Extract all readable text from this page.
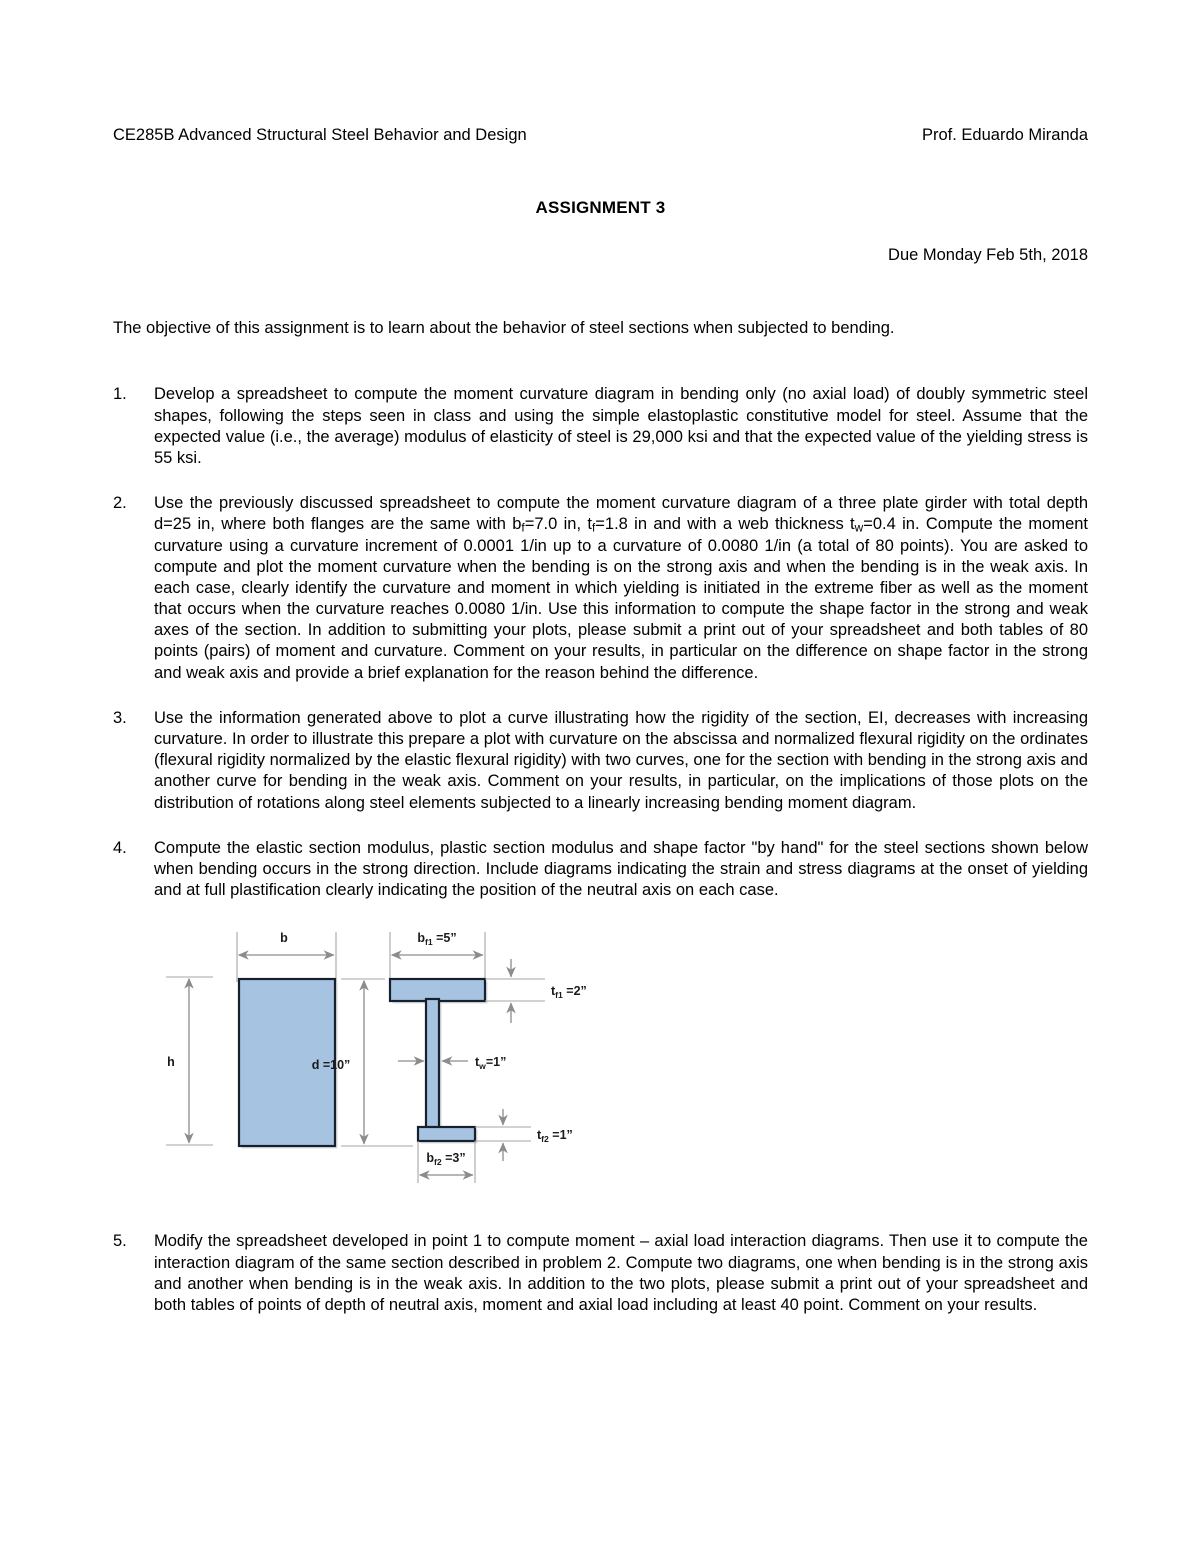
CE285B Advanced Structural Steel Behavior and Design	Prof. Eduardo Miranda
ASSIGNMENT 3
Due Monday Feb 5th, 2018
The objective of this assignment is to learn about the behavior of steel sections when subjected to bending.
1.	Develop a spreadsheet to compute the moment curvature diagram in bending only (no axial load) of doubly symmetric steel shapes, following the steps seen in class and using the simple elastoplastic constitutive model for steel. Assume that the expected value (i.e., the average) modulus of elasticity of steel is 29,000 ksi and that the expected value of the yielding stress is 55 ksi.

2.	Use the previously discussed spreadsheet to compute the moment curvature diagram of a three plate girder with total depth d=25 in, where both flanges are the same with $b_f=7.0$ in, $t_f=1.8$ in and with a web thickness $t_w=0.4$ in. Compute the moment curvature using a curvature increment of 0.0001 1/in up to a curvature of 0.0080 1/in (a total of 80 points). You are asked to compute and plot the moment curvature when the bending is on the strong axis and when the bending is in the weak axis. In each case, clearly identify the curvature and moment in which yielding is initiated in the extreme fiber as well as the moment that occurs when the curvature reaches 0.0080 1/in. Use this information to compute the shape factor in the strong and weak axes of the section. In addition to submitting your plots, please submit a print out of your spreadsheet and both tables of 80 points (pairs) of moment and curvature. Comment on your results, in particular on the difference on shape factor in the strong and weak axis and provide a brief explanation for the reason behind the difference.

3.	Use the information generated above to plot a curve illustrating how the rigidity of the section, EI, decreases with increasing curvature. In order to illustrate this prepare a plot with curvature on the abscissa and normalized flexural rigidity on the ordinates (flexural rigidity normalized by the elastic flexural rigidity) with two curves, one for the section with bending in the strong axis and another curve for bending in the weak axis. Comment on your results, in particular, on the implications of those plots on the distribution of rotations along steel elements subjected to a linearly increasing bending moment diagram.

4.	Compute the elastic section modulus, plastic section modulus and shape factor "by hand" for the steel sections shown below when bending occurs in the strong direction. Include diagrams indicating the strain and stress diagrams at the onset of yielding and at full plastification clearly indicating the position of the neutral axis on each case.

b
h
$b_{f1} =5$”
d =10”
$t_{f1} =2$”
$t_w=1$”
$t_{f2} =1$”
$b_{f2} =3$”
5.	Modify the spreadsheet developed in point 1 to compute moment – axial load interaction diagrams. Then use it to compute the interaction diagram of the same section described in problem 2. Compute two diagrams, one when bending is in the strong axis and another when bending is in the weak axis. In addition to the two plots, please submit a print out of your spreadsheet and both tables of points of depth of neutral axis, moment and axial load including at least 40 point. Comment on your results.
